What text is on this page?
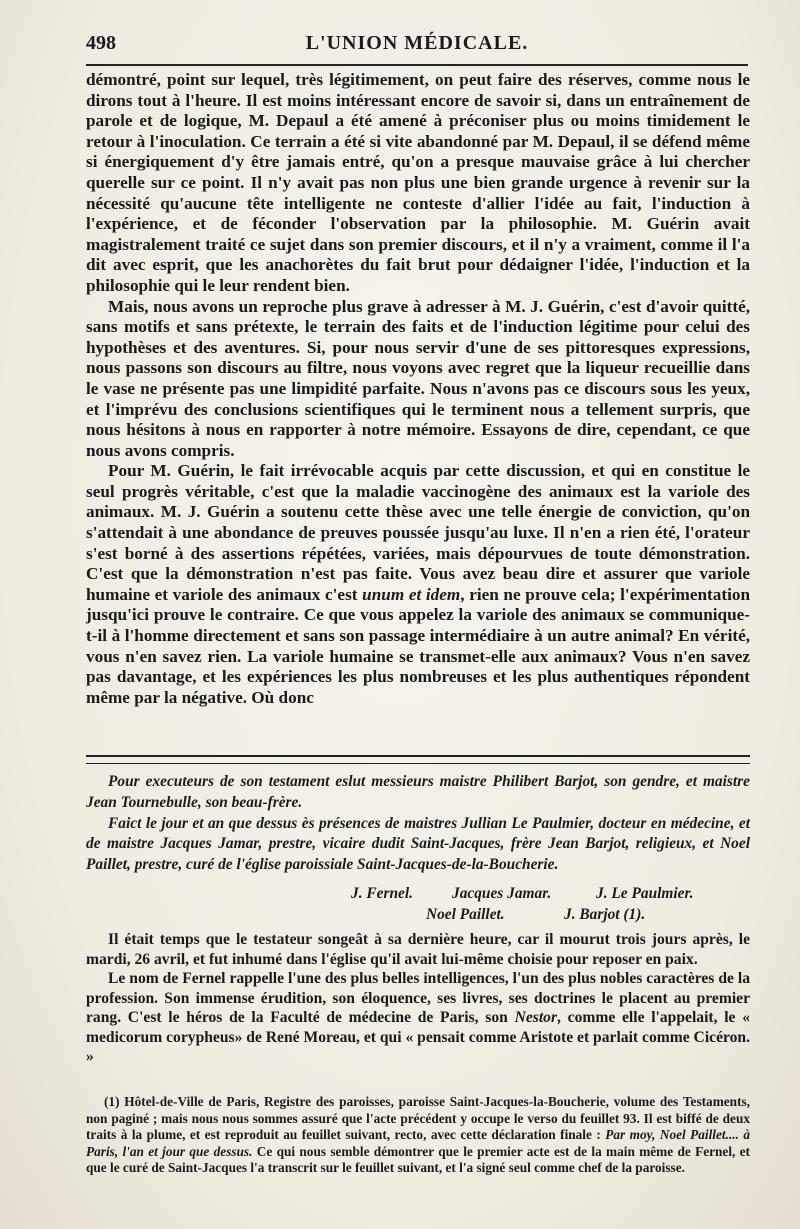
498	L'UNION MÉDICALE.

démontré, point sur lequel, très légitimement, on peut faire des réserves, comme nous le dirons tout à l'heure. Il est moins intéressant encore de savoir si, dans un entraînement de parole et de logique, M. Depaul a été amené à préconiser plus ou moins timidement le retour à l'inoculation. Ce terrain a été si vite abandonné par M. Depaul, il se défend même si énergiquement d'y être jamais entré, qu'on a presque mauvaise grâce à lui chercher querelle sur ce point. Il n'y avait pas non plus une bien grande urgence à revenir sur la nécessité qu'aucune tête intelligente ne conteste d'allier l'idée au fait, l'induction à l'expérience, et de féconder l'observation par la philosophie. M. Guérin avait magistralement traité ce sujet dans son premier discours, et il n'y a vraiment, comme il l'a dit avec esprit, que les anachorètes du fait brut pour dédaigner l'idée, l'induction et la philosophie qui le leur rendent bien.

Mais, nous avons un reproche plus grave à adresser à M. J. Guérin, c'est d'avoir quitté, sans motifs et sans prétexte, le terrain des faits et de l'induction légitime pour celui des hypothèses et des aventures. Si, pour nous servir d'une de ses pittoresques expressions, nous passons son discours au filtre, nous voyons avec regret que la liqueur recueillie dans le vase ne présente pas une limpidité parfaite. Nous n'avons pas ce discours sous les yeux, et l'imprévu des conclusions scientifiques qui le terminent nous a tellement surpris, que nous hésitons à nous en rapporter à notre mémoire. Essayons de dire, cependant, ce que nous avons compris.

Pour M. Guérin, le fait irrévocable acquis par cette discussion, et qui en constitue le seul progrès véritable, c'est que la maladie vaccinogène des animaux est la variole des animaux. M. J. Guérin a soutenu cette thèse avec une telle énergie de conviction, qu'on s'attendait à une abondance de preuves poussée jusqu'au luxe. Il n'en a rien été, l'orateur s'est borné à des assertions répétées, variées, mais dépourvues de toute démonstration. C'est que la démonstration n'est pas faite. Vous avez beau dire et assurer que variole humaine et variole des animaux c'est unum et idem, rien ne prouve cela; l'expérimentation jusqu'ici prouve le contraire. Ce que vous appelez la variole des animaux se communique-t-il à l'homme directement et sans son passage intermédiaire à un autre animal? En vérité, vous n'en savez rien. La variole humaine se transmet-elle aux animaux? Vous n'en savez pas davantage, et les expériences les plus nombreuses et les plus authentiques répondent même par la négative. Où donc

Pour executeurs de son testament eslut messieurs maistre Philibert Barjot, son gendre, et maistre Jean Tournebulle, son beau-frère.

Faict le jour et an que dessus ès présences de maistres Jullian Le Paulmier, docteur en médecine, et de maistre Jacques Jamar, prestre, vicaire dudit Saint-Jacques, frère Jean Barjot, religieux, et Noel Paillet, prestre, curé de l'église paroissiale Saint-Jacques-de-la-Boucherie.

J. Fernel.	Jacques Jamar.	J. Le Paulmier.
Noel Paillet.	J. Barjot (1).

Il était temps que le testateur songeât à sa dernière heure, car il mourut trois jours après, le mardi, 26 avril, et fut inhumé dans l'église qu'il avait lui-même choisie pour reposer en paix.

Le nom de Fernel rappelle l'une des plus belles intelligences, l'un des plus nobles caractères de la profession. Son immense érudition, son éloquence, ses livres, ses doctrines le placent au premier rang. C'est le héros de la Faculté de médecine de Paris, son Nestor, comme elle l'appelait, le « medicorum corypheus» de René Moreau, et qui « pensait comme Aristote et parlait comme Cicéron. »

(1) Hôtel-de-Ville de Paris, Registre des paroisses, paroisse Saint-Jacques-la-Boucherie, volume des Testaments, non paginé ; mais nous nous sommes assuré que l'acte précédent y occupe le verso du feuillet 93. Il est biffé de deux traits à la plume, et est reproduit au feuillet suivant, recto, avec cette déclaration finale : Par moy, Noel Paillet.... à Paris, l'an et jour que dessus. Ce qui nous semble démontrer que le premier acte est de la main même de Fernel, et que le curé de Saint-Jacques l'a transcrit sur le feuillet suivant, et l'a signé seul comme chef de la paroisse.
